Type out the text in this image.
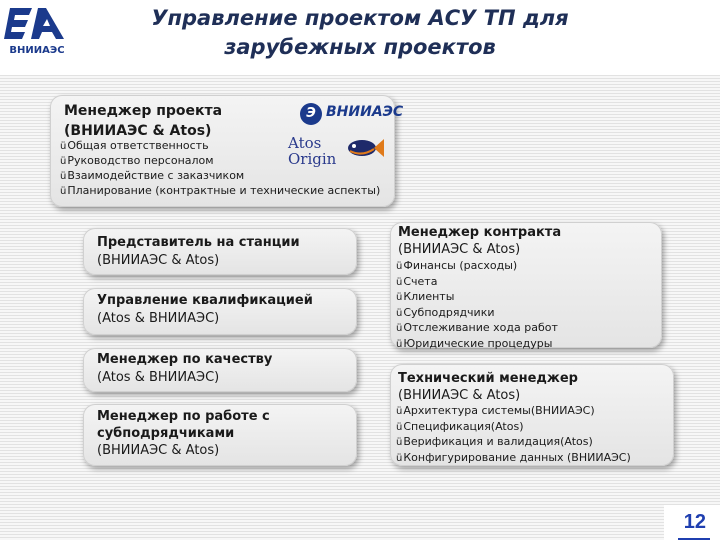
ВНИИАЭС
Управление проектом АСУ ТП для
зарубежных проектов
Менеджер проекта
(ВНИИАЭС & Atos)
Э ВНИИАЭС
Atos
Origin
üОбщая ответственность
üРуководство персоналом
üВзаимодействие с заказчиком
üПланирование (контрактные и технические аспекты)
Представитель на станции
(ВНИИАЭС & Atos)
Управление квалификацией
(Atos & ВНИИАЭС)
Менеджер по качеству
(Atos & ВНИИАЭС)
Менеджер по работе с
субподрядчиками
(ВНИИАЭС & Atos)
Менеджер контракта
(ВНИИАЭС & Atos)
üФинансы (расходы)
üСчета
üКлиенты
üСубподрядчики
üОтслеживание хода работ
üЮридические процедуры
Технический менеджер
(ВНИИАЭС & Atos)
üАрхитектура системы(ВНИИАЭС)
üСпецификация(Atos)
üВерификация и валидация(Atos)
üКонфигурирование данных (ВНИИАЭС)
12
